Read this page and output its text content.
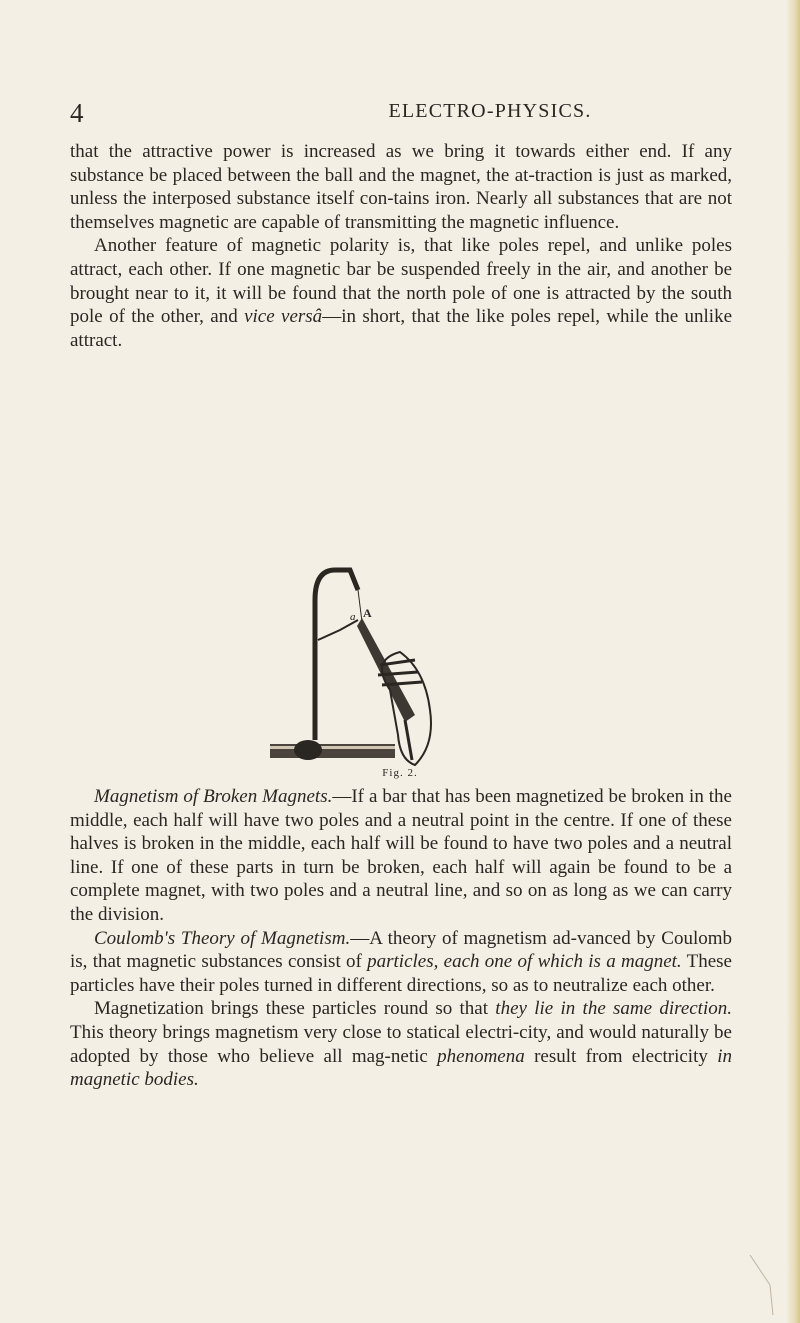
4	ELECTRO-PHYSICS.

that the attractive power is increased as we bring it towards either end. If any substance be placed between the ball and the magnet, the at-traction is just as marked, unless the interposed substance itself con-tains iron. Nearly all substances that are not themselves magnetic are capable of transmitting the magnetic influence.

Another feature of magnetic polarity is, that like poles repel, and unlike poles attract, each other. If one magnetic bar be suspended freely in the air, and another be brought near to it, it will be found that the north pole of one is attracted by the south pole of the other, and vice versâ—in short, that the like poles repel, while the unlike attract.

a A
Fig. 2.

Magnetism of Broken Magnets.—If a bar that has been magnetized be broken in the middle, each half will have two poles and a neutral point in the centre. If one of these halves is broken in the middle, each half will be found to have two poles and a neutral line. If one of these parts in turn be broken, each half will again be found to be a complete magnet, with two poles and a neutral line, and so on as long as we can carry the division.

Coulomb's Theory of Magnetism.—A theory of magnetism ad-vanced by Coulomb is, that magnetic substances consist of particles, each one of which is a magnet. These particles have their poles turned in different directions, so as to neutralize each other.

Magnetization brings these particles round so that they lie in the same direction. This theory brings magnetism very close to statical electri-city, and would naturally be adopted by those who believe all mag-netic phenomena result from electricity in magnetic bodies.
